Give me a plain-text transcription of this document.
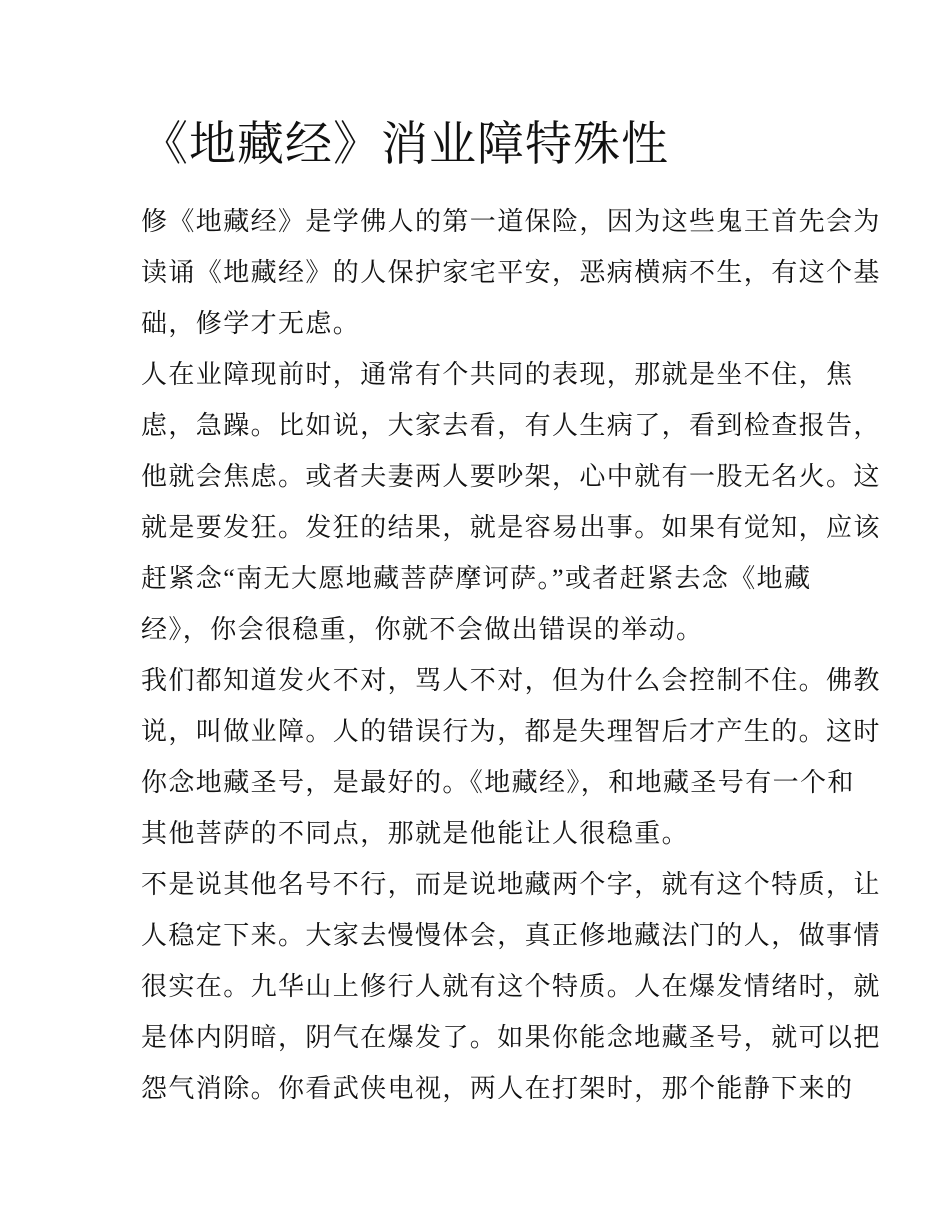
《地藏经》消业障特殊性
修《地藏经》是学佛人的第一道保险，因为这些鬼王首先会为
读诵《地藏经》的人保护家宅平安，恶病横病不生，有这个基
础，修学才无虑。
人在业障现前时，通常有个共同的表现，那就是坐不住，焦
虑，急躁。比如说，大家去看，有人生病了，看到检查报告，
他就会焦虑。或者夫妻两人要吵架，心中就有一股无名火。这
就是要发狂。发狂的结果，就是容易出事。如果有觉知，应该
赶紧念“南无大愿地藏菩萨摩诃萨。”或者赶紧去念《地藏
经》，你会很稳重，你就不会做出错误的举动。
我们都知道发火不对，骂人不对，但为什么会控制不住。佛教
说，叫做业障。人的错误行为，都是失理智后才产生的。这时
你念地藏圣号，是最好的。《地藏经》，和地藏圣号有一个和
其他菩萨的不同点，那就是他能让人很稳重。
不是说其他名号不行，而是说地藏两个字，就有这个特质，让
人稳定下来。大家去慢慢体会，真正修地藏法门的人，做事情
很实在。九华山上修行人就有这个特质。人在爆发情绪时，就
是体内阴暗，阴气在爆发了。如果你能念地藏圣号，就可以把
怨气消除。你看武侠电视，两人在打架时，那个能静下来的
